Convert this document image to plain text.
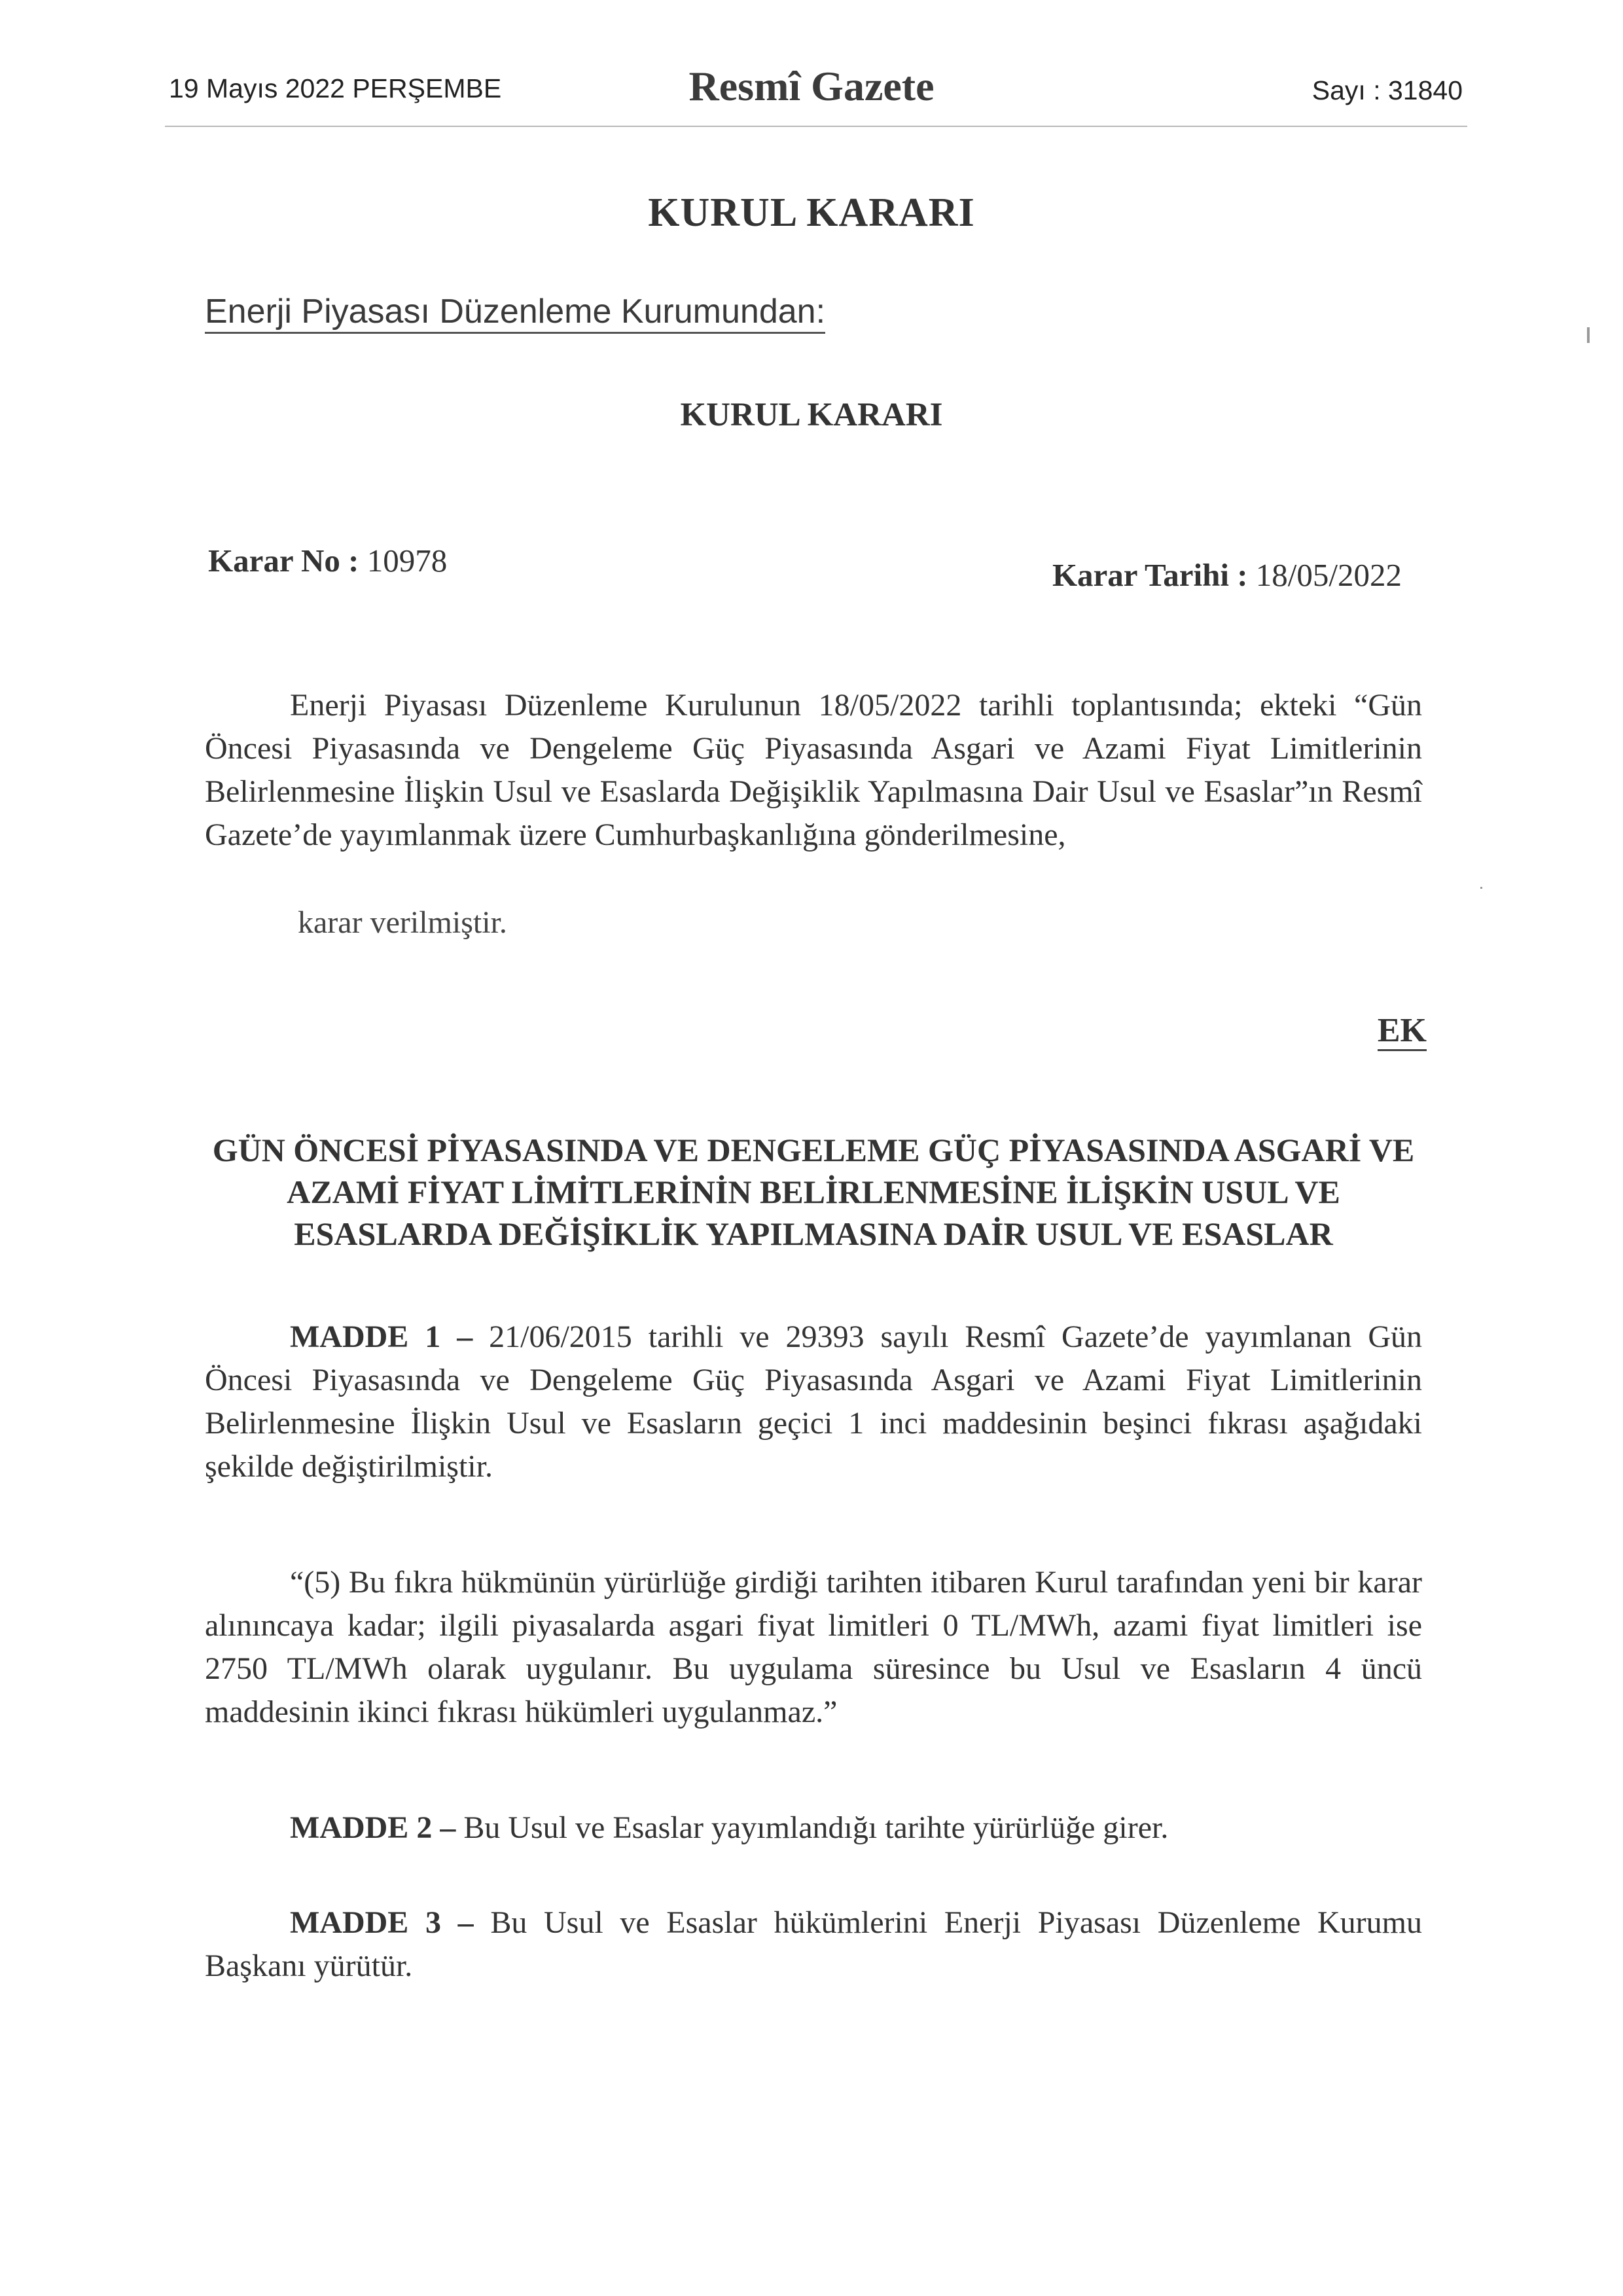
19 Mayıs 2022 PERŞEMBE	Resmî Gazete	Sayı : 31840
KURUL KARARI
Enerji Piyasası Düzenleme Kurumundan:
KURUL KARARI
Karar No : 10978	Karar Tarihi : 18/05/2022

Enerji Piyasası Düzenleme Kurulunun 18/05/2022 tarihli toplantısında; ekteki “Gün Öncesi Piyasasında ve Dengeleme Güç Piyasasında Asgari ve Azami Fiyat Limitlerinin Belirlenmesine İlişkin Usul ve Esaslarda Değişiklik Yapılmasına Dair Usul ve Esaslar”ın Resmî Gazete’de yayımlanmak üzere Cumhurbaşkanlığına gönderilmesine,

karar verilmiştir.
EK

GÜN ÖNCESİ PİYASASINDA VE DENGELEME GÜÇ PİYASASINDA ASGARİ VE AZAMİ FİYAT LİMİTLERİNİN BELİRLENMESİNE İLİŞKİN USUL VE ESASLARDA DEĞİŞİKLİK YAPILMASINA DAİR USUL VE ESASLAR

MADDE 1 – 21/06/2015 tarihli ve 29393 sayılı Resmî Gazete’de yayımlanan Gün Öncesi Piyasasında ve Dengeleme Güç Piyasasında Asgari ve Azami Fiyat Limitlerinin Belirlenmesine İlişkin Usul ve Esasların geçici 1 inci maddesinin beşinci fıkrası aşağıdaki şekilde değiştirilmiştir.

“(5) Bu fıkra hükmünün yürürlüğe girdiği tarihten itibaren Kurul tarafından yeni bir karar alınıncaya kadar; ilgili piyasalarda asgari fiyat limitleri 0 TL/MWh, azami fiyat limitleri ise 2750 TL/MWh olarak uygulanır. Bu uygulama süresince bu Usul ve Esasların 4 üncü maddesinin ikinci fıkrası hükümleri uygulanmaz.”

MADDE 2 – Bu Usul ve Esaslar yayımlandığı tarihte yürürlüğe girer.

MADDE 3 – Bu Usul ve Esaslar hükümlerini Enerji Piyasası Düzenleme Kurumu Başkanı yürütür.
